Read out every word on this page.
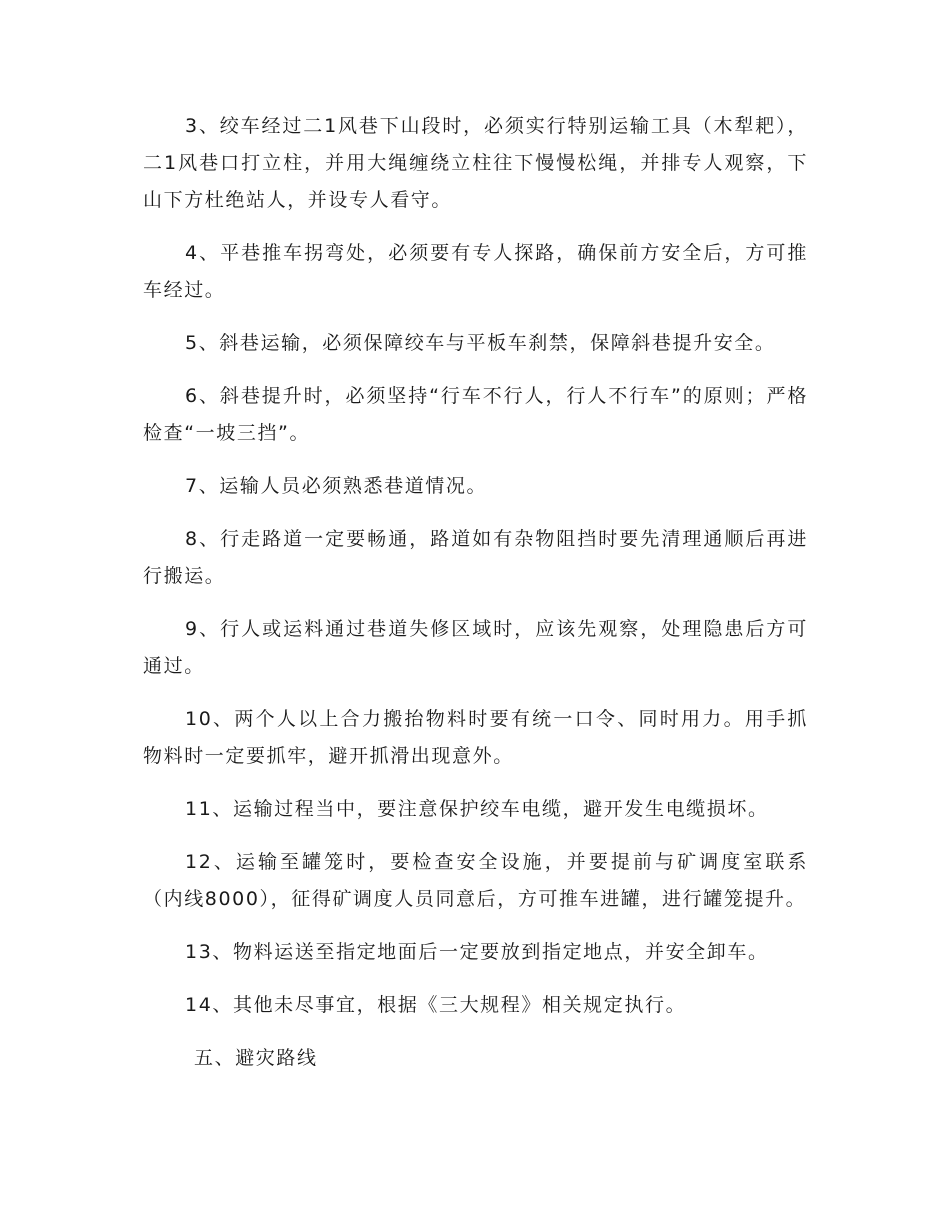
3、绞车经过二1风巷下山段时，必须实行特别运输工具（木犁耙），二1风巷口打立柱，并用大绳缠绕立柱往下慢慢松绳，并排专人观察，下山下方杜绝站人，并设专人看守。

4、平巷推车拐弯处，必须要有专人探路，确保前方安全后，方可推车经过。

5、斜巷运输，必须保障绞车与平板车刹禁，保障斜巷提升安全。

6、斜巷提升时，必须坚持“行车不行人，行人不行车”的原则；严格检查“一坡三挡”。

7、运输人员必须熟悉巷道情况。

8、行走路道一定要畅通，路道如有杂物阻挡时要先清理通顺后再进行搬运。

9、行人或运料通过巷道失修区域时，应该先观察，处理隐患后方可通过。

10、两个人以上合力搬抬物料时要有统一口令、同时用力。用手抓物料时一定要抓牢，避开抓滑出现意外。

11、运输过程当中，要注意保护绞车电缆，避开发生电缆损坏。

12、运输至罐笼时，要检查安全设施，并要提前与矿调度室联系（内线8000），征得矿调度人员同意后，方可推车进罐，进行罐笼提升。

13、物料运送至指定地面后一定要放到指定地点，并安全卸车。

14、其他未尽事宜，根据《三大规程》相关规定执行。

五、避灾路线
